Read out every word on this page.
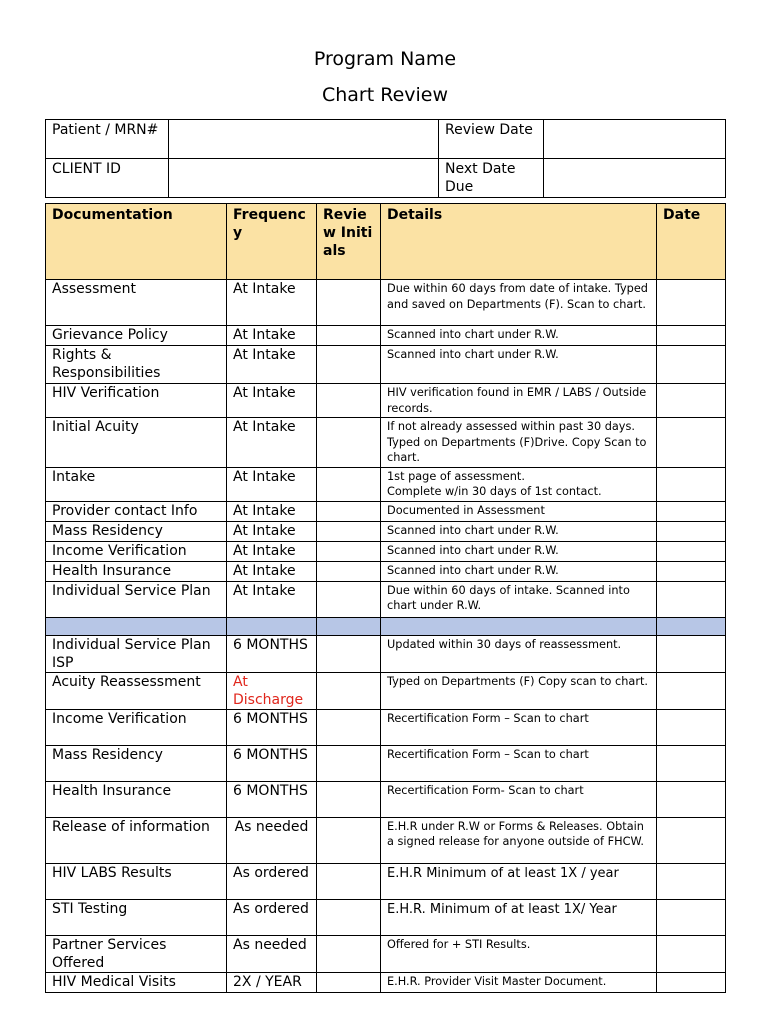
Program Name
Chart Review
Patient / MRN#		Review Date	
CLIENT ID		Next Date Due	
Documentation	Frequency	Review Initials	Details	Date
Assessment	At Intake		Due within 60 days from date of intake. Typed and saved on Departments (F). Scan to chart.	
Grievance Policy	At Intake		Scanned into chart under R.W.	
Rights & Responsibilities	At Intake		Scanned into chart under R.W.	
HIV Verification	At Intake		HIV verification found in EMR / LABS / Outside records.	
Initial Acuity	At Intake		If not already assessed within past 30 days. Typed on Departments (F)Drive. Copy Scan to chart.	
Intake	At Intake		1st page of assessment.
Complete w/in 30 days of 1st contact.	

Provider contact Info	At Intake		Documented in Assessment	
Mass Residency	At Intake		Scanned into chart under R.W.	
Income Verification	At Intake		Scanned into chart under R.W.	
Health Insurance	At Intake		Scanned into chart under R.W.	
Individual Service Plan	At Intake		Due within 60 days of intake. Scanned into chart under R.W.	

Individual Service Plan ISP	6 MONTHS		Updated within 30 days of reassessment.	
Acuity Reassessment	At Discharge		Typed on Departments (F) Copy scan to chart.	
Income Verification	6 MONTHS		Recertification Form – Scan to chart	
Mass Residency	6 MONTHS		Recertification Form – Scan to chart	
Health Insurance	6 MONTHS		Recertification Form- Scan to chart	
Release of information	As needed		E.H.R under R.W or Forms & Releases. Obtain a signed release for anyone outside of FHCW.	
HIV LABS Results	As ordered		E.H.R Minimum of at least 1X / year	
STI Testing	As ordered		E.H.R. Minimum of at least 1X/ Year	
Partner Services Offered	As needed		Offered for + STI Results.	
HIV Medical Visits	2X / YEAR		E.H.R. Provider Visit Master Document.	
